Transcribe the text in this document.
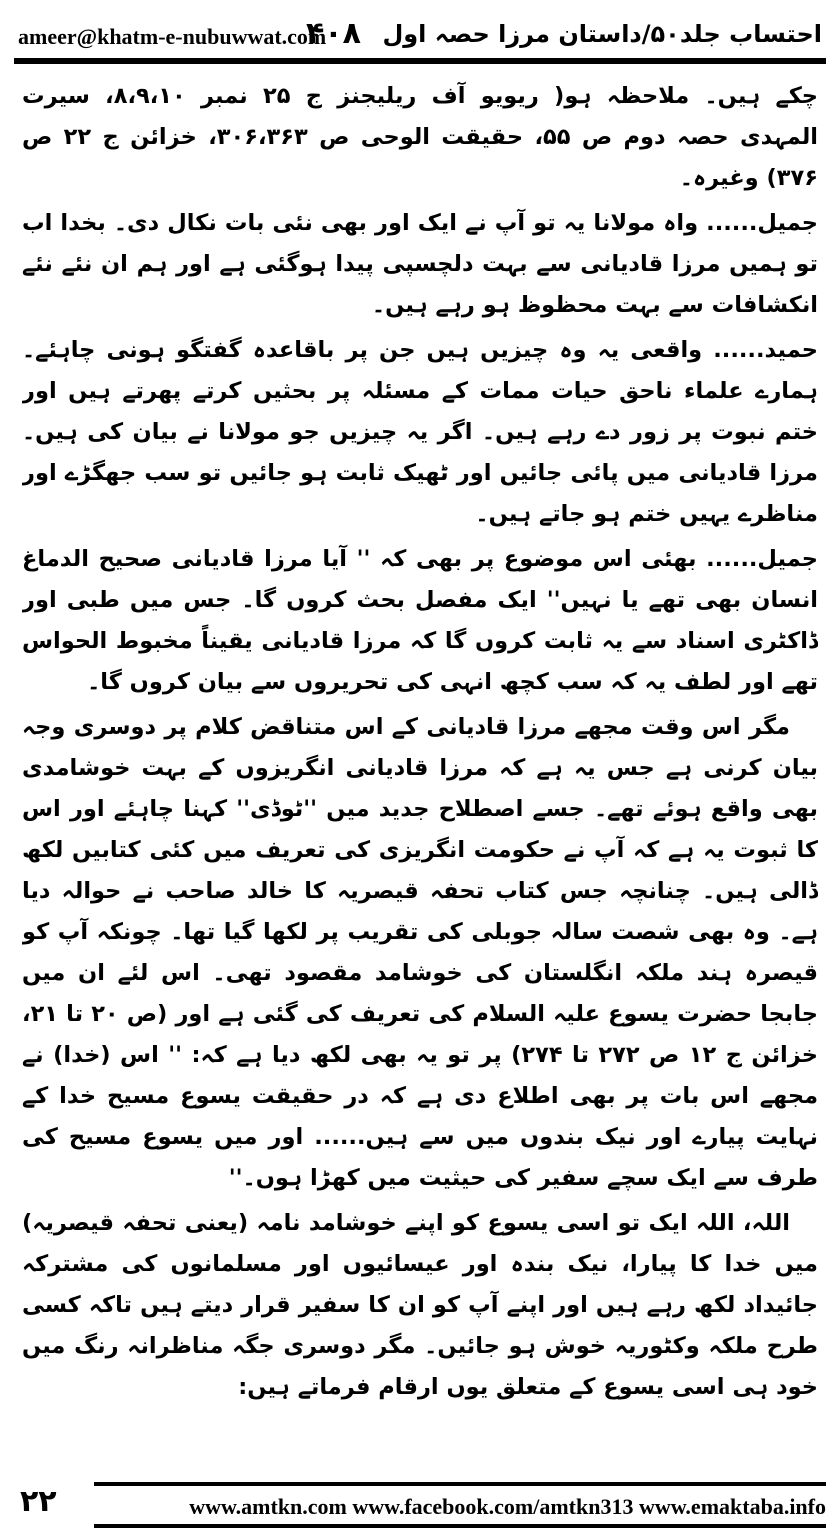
ameer@khatm-e-nubuwwat.com
۴۰۸ احتساب جلد۵۰/داستان مرزا حصہ اول

چکے ہیں۔ ملاحظہ ہو( ریویو آف ریلیجنز ج ۲۵ نمبر ۸،۹،۱۰، سیرت المہدی حصہ دوم ص ۵۵، حقیقت الوحی ص ۳۰۶،۳۶۳، خزائن ج ۲۲ ص ۳۷۶) وغیرہ۔

جمیل...... واہ مولانا یہ تو آپ نے ایک اور بھی نئی بات نکال دی۔ بخدا اب تو ہمیں مرزا قادیانی سے بہت دلچسپی پیدا ہوگئی ہے اور ہم ان نئے نئے انکشافات سے بہت محظوظ ہو رہے ہیں۔

حمید...... واقعی یہ وہ چیزیں ہیں جن پر باقاعدہ گفتگو ہونی چاہئے۔ ہمارے علماء ناحق حیات ممات کے مسئلہ پر بحثیں کرتے پھرتے ہیں اور ختم نبوت پر زور دے رہے ہیں۔ اگر یہ چیزیں جو مولانا نے بیان کی ہیں۔ مرزا قادیانی میں پائی جائیں اور ٹھیک ثابت ہو جائیں تو سب جھگڑے اور مناظرے یہیں ختم ہو جاتے ہیں۔

جمیل...... بھئی اس موضوع پر بھی کہ '' آیا مرزا قادیانی صحیح الدماغ انسان بھی تھے یا نہیں'' ایک مفصل بحث کروں گا۔ جس میں طبی اور ڈاکٹری اسناد سے یہ ثابت کروں گا کہ مرزا قادیانی یقیناً مخبوط الحواس تھے اور لطف یہ کہ سب کچھ انہی کی تحریروں سے بیان کروں گا۔

مگر اس وقت مجھے مرزا قادیانی کے اس متناقض کلام پر دوسری وجہ بیان کرنی ہے جس یہ ہے کہ مرزا قادیانی انگریزوں کے بہت خوشامدی بھی واقع ہوئے تھے۔ جسے اصطلاح جدید میں ''ٹوڈی'' کہنا چاہئے اور اس کا ثبوت یہ ہے کہ آپ نے حکومت انگریزی کی تعریف میں کئی کتابیں لکھ ڈالی ہیں۔ چنانچہ جس کتاب تحفہ قیصریہ کا خالد صاحب نے حوالہ دیا ہے۔ وہ بھی شصت سالہ جوبلی کی تقریب پر لکھا گیا تھا۔ چونکہ آپ کو قیصرہ ہند ملکہ انگلستان کی خوشامد مقصود تھی۔ اس لئے ان میں جابجا حضرت یسوع علیہ السلام کی تعریف کی گئی ہے اور (ص ۲۰ تا ۲۱، خزائن ج ۱۲ ص ۲۷۲ تا ۲۷۴) پر تو یہ بھی لکھ دیا ہے کہ: '' اس (خدا) نے مجھے اس بات پر بھی اطلاع دی ہے کہ در حقیقت یسوع مسیح خدا کے نہایت پیارے اور نیک بندوں میں سے ہیں...... اور میں یسوع مسیح کی طرف سے ایک سچے سفیر کی حیثیت میں کھڑا ہوں۔''

اللہ، اللہ ایک تو اسی یسوع کو اپنے خوشامد نامہ (یعنی تحفہ قیصریہ) میں خدا کا پیارا، نیک بندہ اور عیسائیوں اور مسلمانوں کی مشترکہ جائیداد لکھ رہے ہیں اور اپنے آپ کو ان کا سفیر قرار دیتے ہیں تاکہ کسی طرح ملکہ وکٹوریہ خوش ہو جائیں۔ مگر دوسری جگہ مناظرانہ رنگ میں خود ہی اسی یسوع کے متعلق یوں ارقام فرماتے ہیں:

۲۲	www.amtkn.com www.facebook.com/amtkn313 www.emaktaba.info
